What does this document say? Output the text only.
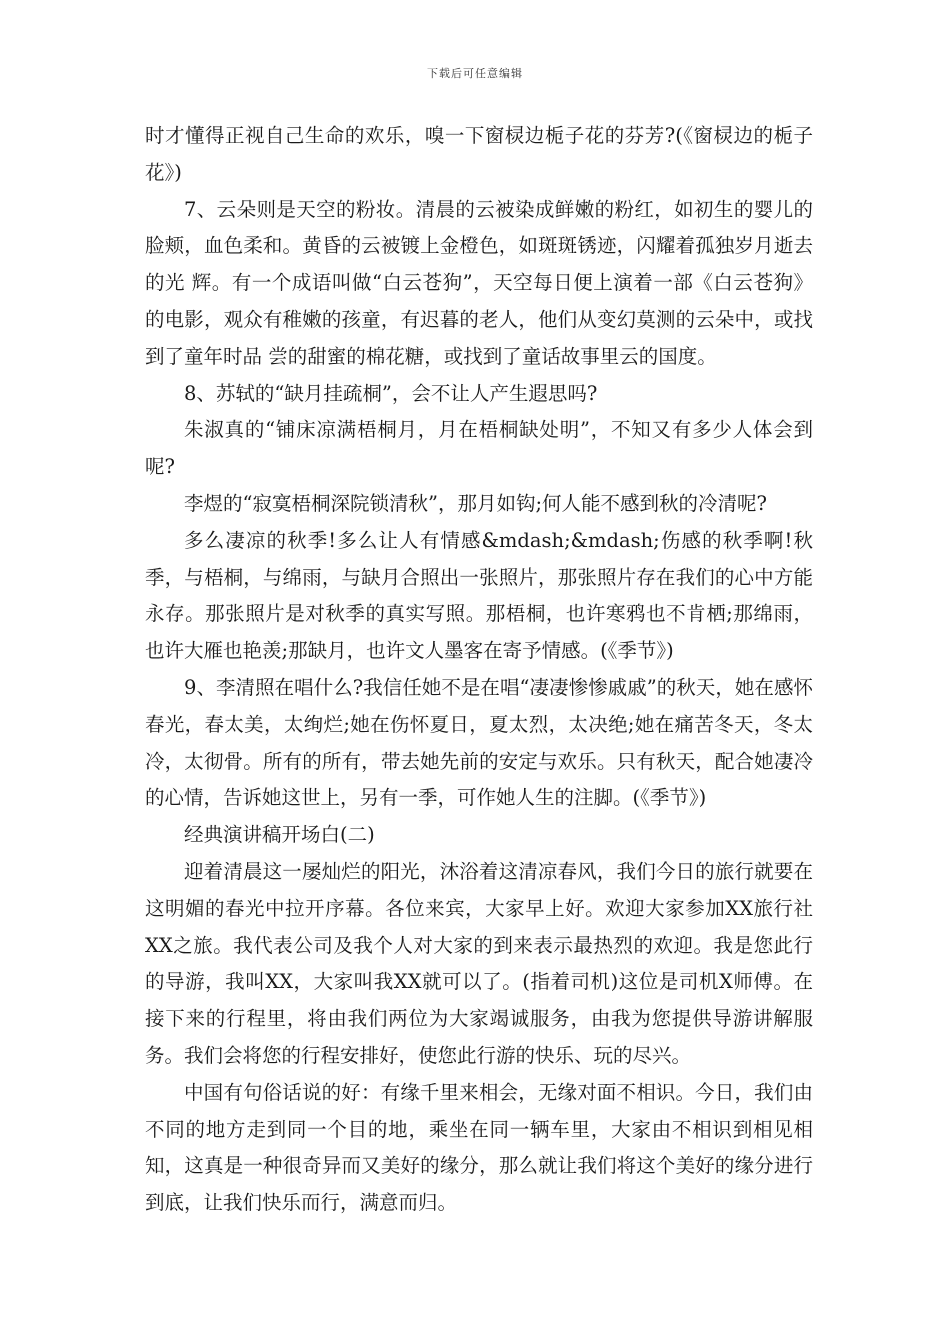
下载后可任意编辑

时才懂得正视自己生命的欢乐，嗅一下窗棂边栀子花的芬芳?(《窗棂边的栀子花》)

7、云朵则是天空的粉妆。清晨的云被染成鲜嫩的粉红，如初生的婴儿的脸颊，血色柔和。黄昏的云被镀上金橙色，如斑斑锈迹，闪耀着孤独岁月逝去的光 辉。有一个成语叫做“白云苍狗”，天空每日便上演着一部《白云苍狗》的电影，观众有稚嫩的孩童，有迟暮的老人，他们从变幻莫测的云朵中，或找到了童年时品 尝的甜蜜的棉花糖，或找到了童话故事里云的国度。

8、苏轼的“缺月挂疏桐”，会不让人产生遐思吗?

朱淑真的“铺床凉满梧桐月，月在梧桐缺处明”，不知又有多少人体会到呢?

李煜的“寂寞梧桐深院锁清秋”，那月如钩;何人能不感到秋的冷清呢?

多么凄凉的秋季!多么让人有情感&mdash;&mdash;伤感的秋季啊!秋季，与梧桐，与绵雨，与缺月合照出一张照片，那张照片存在我们的心中方能永存。那张照片是对秋季的真实写照。那梧桐，也许寒鸦也不肯栖;那绵雨，也许大雁也艳羡;那缺月，也许文人墨客在寄予情感。(《季节》)

9、李清照在唱什么?我信任她不是在唱“凄凄惨惨戚戚”的秋天，她在感怀春光，春太美，太绚烂;她在伤怀夏日，夏太烈，太决绝;她在痛苦冬天，冬太 冷，太彻骨。所有的所有，带去她先前的安定与欢乐。只有秋天，配合她凄冷的心情，告诉她这世上，另有一季，可作她人生的注脚。(《季节》)

经典演讲稿开场白(二)

迎着清晨这一屡灿烂的阳光，沐浴着这清凉春风，我们今日的旅行就要在这明媚的春光中拉开序幕。各位来宾，大家早上好。欢迎大家参加XX旅行社XX之旅。我代表公司及我个人对大家的到来表示最热烈的欢迎。我是您此行的导游，我叫XX，大家叫我XX就可以了。(指着司机)这位是司机X师傅。在接下来的行程里，将由我们两位为大家竭诚服务，由我为您提供导游讲解服务。我们会将您的行程安排好，使您此行游的快乐、玩的尽兴。

中国有句俗话说的好：有缘千里来相会，无缘对面不相识。今日，我们由不同的地方走到同一个目的地，乘坐在同一辆车里，大家由不相识到相见相知，这真是一种很奇异而又美好的缘分，那么就让我们将这个美好的缘分进行到底，让我们快乐而行，满意而归。
